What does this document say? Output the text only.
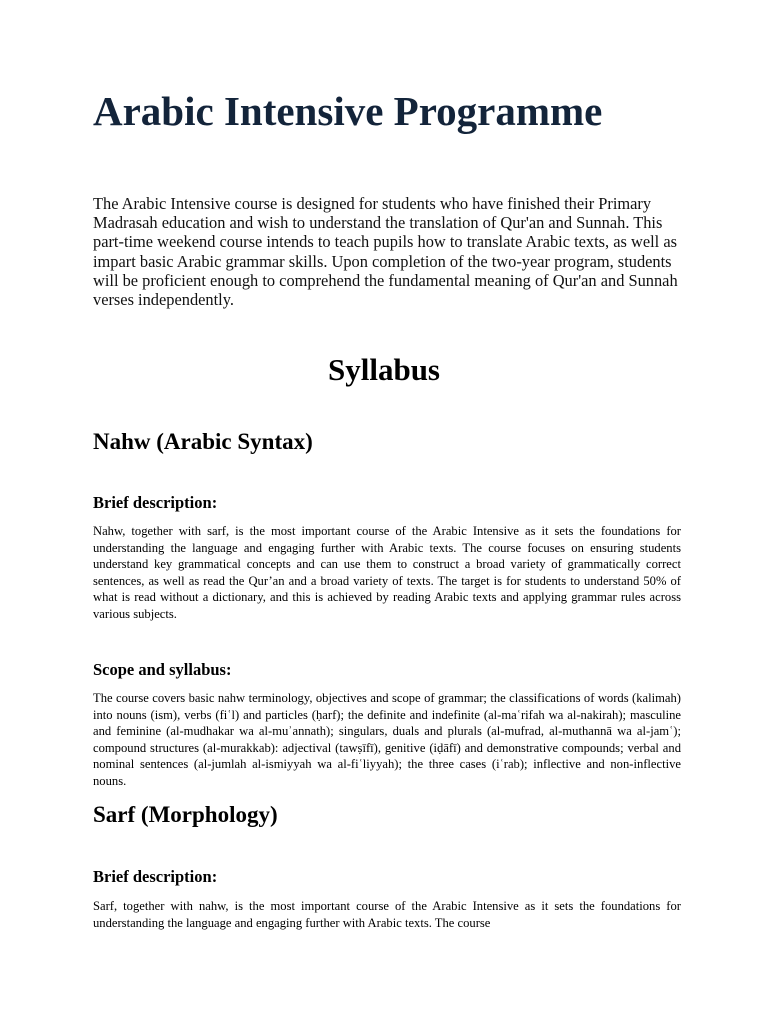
Arabic Intensive Programme

The Arabic Intensive course is designed for students who have finished their Primary Madrasah education and wish to understand the translation of Qur'an and Sunnah. This part-time weekend course intends to teach pupils how to translate Arabic texts, as well as impart basic Arabic grammar skills. Upon completion of the two-year program, students will be proficient enough to comprehend the fundamental meaning of Qur'an and Sunnah verses independently.

Syllabus
Nahw (Arabic Syntax)
Brief description:

Nahw, together with sarf, is the most important course of the Arabic Intensive as it sets the foundations for understanding the language and engaging further with Arabic texts. The course focuses on ensuring students understand key grammatical concepts and can use them to construct a broad variety of grammatically correct sentences, as well as read the Qur’an and a broad variety of texts. The target is for students to understand 50% of what is read without a dictionary, and this is achieved by reading Arabic texts and applying grammar rules across various subjects.

Scope and syllabus:

The course covers basic nahw terminology, objectives and scope of grammar; the classifications of words (kalimah) into nouns (ism), verbs (fiʿl) and particles (ḥarf); the definite and indefinite (al-maʿrifah wa al-nakirah); masculine and feminine (al-mudhakar wa al-muʾannath); singulars, duals and plurals (al-mufrad, al-muthannā wa al-jamʿ); compound structures (al-murakkab): adjectival (tawṣīfī), genitive (iḍāfī) and demonstrative compounds; verbal and nominal sentences (al-jumlah al-ismiyyah wa al-fiʿliyyah); the three cases (iʿrab); inflective and non-inflective nouns.

Sarf (Morphology)
Brief description:

Sarf, together with nahw, is the most important course of the Arabic Intensive as it sets the foundations for understanding the language and engaging further with Arabic texts. The course
